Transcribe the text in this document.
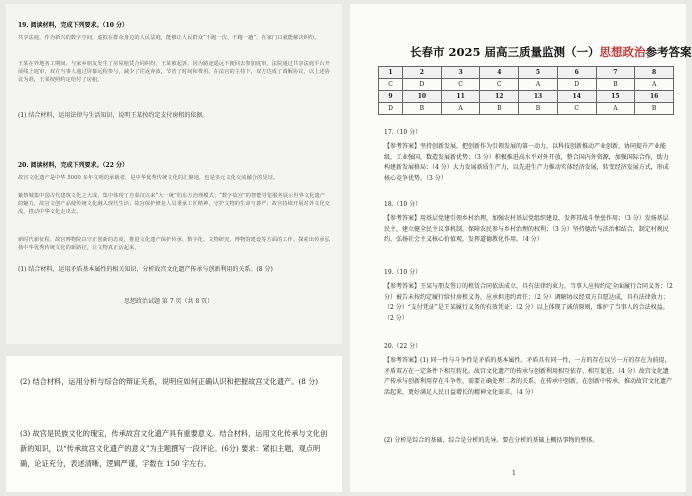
19. 阅读材料，完成下列要求。（10 分）
共享法庭，作为新兴的数字空间，虚拟在群众身边的人民法庭，能够让人民群众“不跑一次、不跑一趟”，在家门口就能解决纠纷。
王某在外地务工期间，与家乡朋友发生了房屋租赁合同纠纷，王某被起诉，因为路途遥远不便回去参加庭审。法院通过共享法庭平台开展线上庭审，双方当事人通过屏幕远程参与，减少了往返奔波，节省了时间和费用。在法官的主持下，双方达成了调解协议，以上述协议为准，王某按照约定给付了房租。
(1) 结合材料，运用法律与生活知识，说明王某按约定支付房租的依据。
20. 阅读材料，完成下列要求。（22 分）
故宫文化遗产是中华 5000 多年文明的承载者，是中华优秀传统文化的汇聚地，也是多元文化交流融合的见证。
紫禁城集中国古代建筑文化之大成，集中体现了自秦汉以来“大一统”的东方治理模式；“数字故宫”的智能导览服务展示世界文化遗产的魅力，故宫文创产品使传统文化融入现代生活；故宫保护修复人员秉承工匠精神，守护文物的生命与尊严；故宫持续开展对外文化交流，推动中华文化走出去。
新时代新征程，故宫博物院以守正创新的态度，推进文化遗产保护传承、数字化、文物研究、博物馆建设等方面的工作，探索出传承弘扬中华优秀传统文化的新路径，让文物真正活起来。
(1) 结合材料，运用矛盾基本属性的相关知识，分析故宫文化遗产传承与创新利用的关系。(8 分)
思想政治试题 第 7 页（共 8 页）
(2) 结合材料，运用分析与综合的辩证关系，说明应如何正确认识和把握故宫文化遗产。(8 分)
(3) 故宫是民族文化的瑰宝，传承故宫文化遗产具有重要意义。结合材料，运用文化传承与文化创新的知识，以“传承故宫文化遗产的意义”为主题撰写一段评论。(6分) 要求：紧扣主题，观点明确，论证充分，表述清晰，逻辑严谨，字数在 150 字左右。
长春市 2025 届高三质量监测（一）思想政治参考答案
1	2	3	4	5	6	7	8
C	D	C	C	A	D	B	A
9	10	11	12	13	14	15	16
D	B	A	B	B	C	A	B
17.（10 分）
【参考答案】坚持创新发展，把创新作为引领发展的第一动力，以科技创新推动产业创新，协同提升产业能级，工业强国，数造发展新优势；（3 分）积极推进高水平对外开放，整合国内外资源，加强国际合作，助力构建新发展格局；（4 分）大力发展新质生产力，以先进生产力推动实体经济发展，转变经济发展方式，形成核心竞争优势。（3 分）
18.（10 分）
【参考答案】用基层党建引领乡村治理，加强农村基层党组织建设，发挥其战斗堡垒作用；（3 分）发扬基层民主，建立健全民主议事机制，保障农民参与乡村治理的权利；（3 分）坚持德治与法治相结合，制定村规民约，弘扬社会主义核心价值观，发挥道德教化作用。（4 分）
19.（10 分）
【参考答案】王某与朋友签订的租赁合同依法成立，具有法律约束力，当事人应按约定全面履行合同义务；（2 分）被告未按约定履行给付房租义务，应承担违约责任；（2 分）调解协议经双方自愿达成，具有法律效力；（2 分）“支付凭证”是王某履行义务的有效凭证；（2 分）以上体现了诚信原则，维护了当事人的合法权益。（2 分）
20.（22 分）
【参考答案】(1) 同一性与斗争性是矛盾的基本属性。矛盾具有同一性，一方的存在以另一方的存在为前提，矛盾双方在一定条件下相互转化。故宫文化遗产的传承与创新利用相互依存、相互促进。（4 分）故宫文化遗产传承与创新利用存在斗争性，需要正确处理二者的关系，在传承中创新，在创新中传承，推动故宫文化遗产活起来，更好满足人民日益增长的精神文化需求。（4 分）
(2) 分析是综合的基础，综合是分析的先导。要在分析的基础上概括事物的整体。
1
